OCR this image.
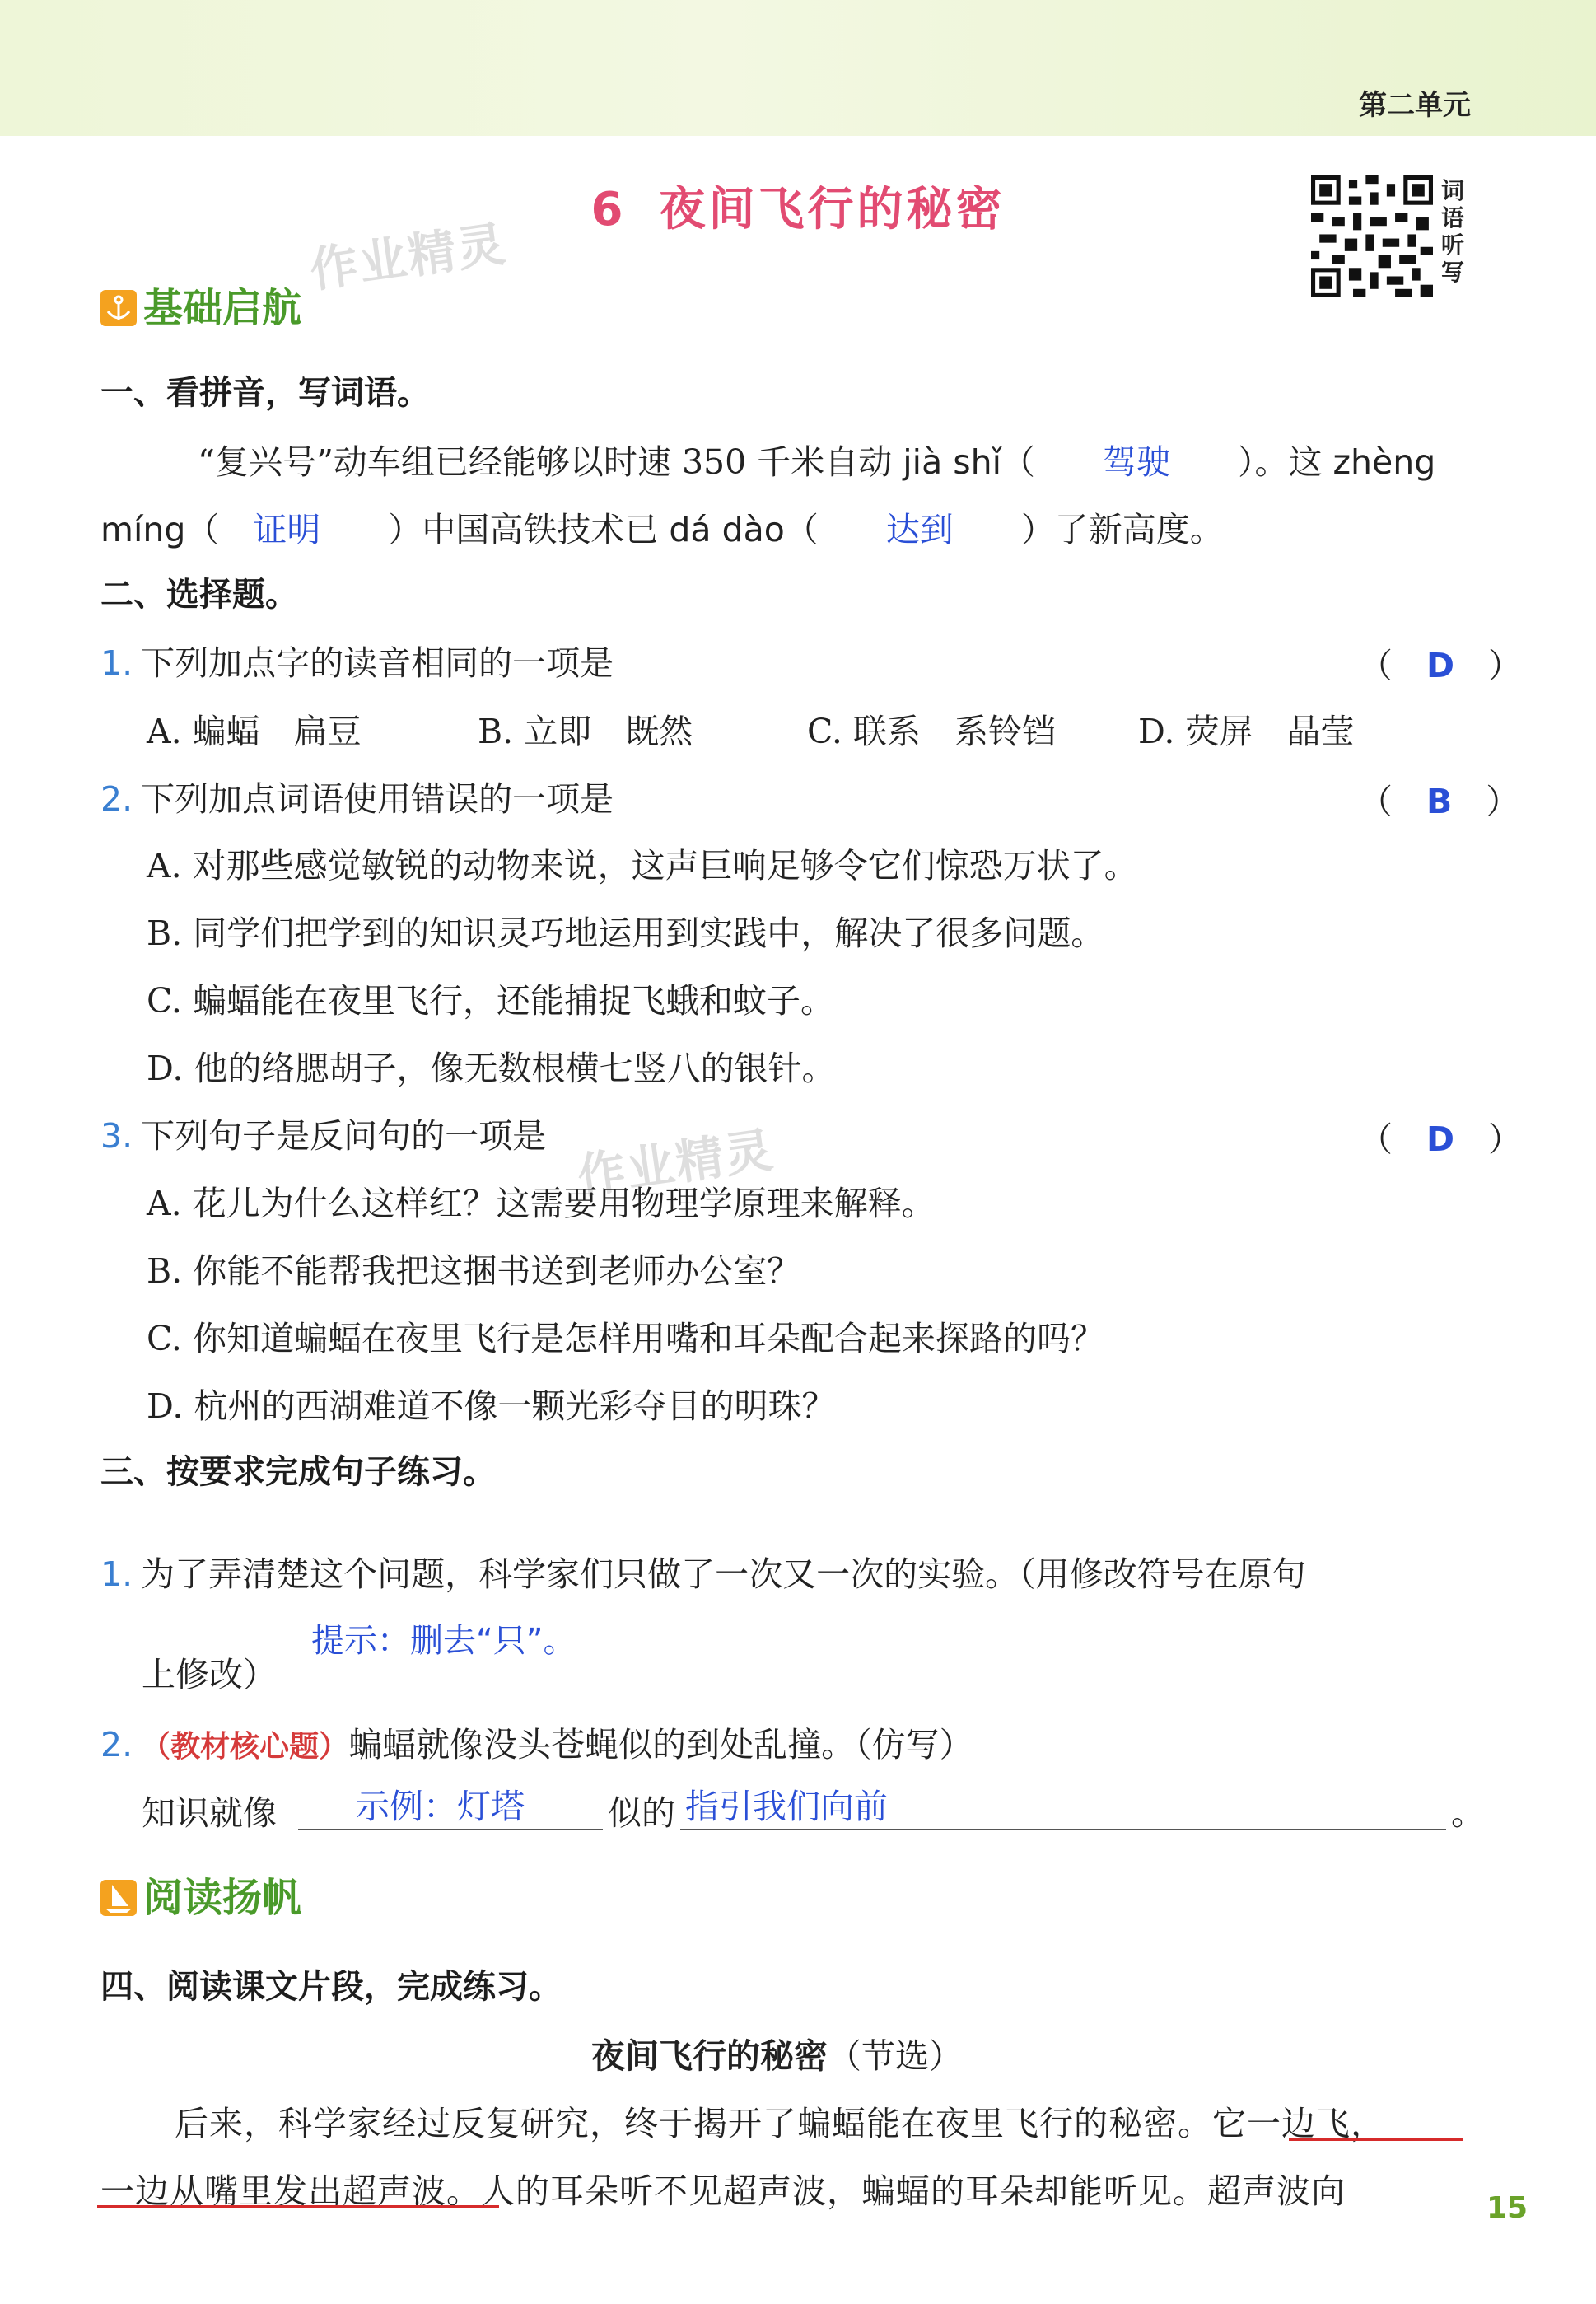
第二单元
6 夜间飞行的秘密	词
语
听
写
作业精灵
作业精灵
基础启航
一、看拼音，写词语。
“复兴号”动车组已经能够以时速 350 千米自动 jià shǐ（　　驾驶　　 ）。这 zhèng
míng（　证明　　 ）中国高铁技术已 dá dào（　　达到　　 ）了新高度。
二、选择题。
1. 下列加点字的读音相同的一项是	（　D　）
A. 蝙蝠　扁豆	B. 立即　既然	C. 联系　系铃铛 D. 荧屏　晶莹
2. 下列加点词语使用错误的一项是	（　B　）
A. 对那些感觉敏锐的动物来说，这声巨响足够令它们惊恐万状了。
B. 同学们把学到的知识灵巧地运用到实践中，解决了很多问题。
C. 蝙蝠能在夜里飞行，还能捕捉飞蛾和蚊子。
D. 他的络腮胡子，像无数根横七竖八的银针。
3. 下列句子是反问句的一项是	（　D　）
A. 花儿为什么这样红？这需要用物理学原理来解释。
B. 你能不能帮我把这捆书送到老师办公室？
C. 你知道蝙蝠在夜里飞行是怎样用嘴和耳朵配合起来探路的吗？
D. 杭州的西湖难道不像一颗光彩夺目的明珠？
三、按要求完成句子练习。
1. 为了弄清楚这个问题，科学家们只做了一次又一次的实验。（用修改符号在原句
提示：删去“只”。
上修改）
2. （教材核心题）蝙蝠就像没头苍蝇似的到处乱撞。（仿写）
知识就像 示例：灯塔 似的 指引我们向前	。
阅读扬帆
四、阅读课文片段，完成练习。
夜间飞行的秘密（节选）
后来，科学家经过反复研究，终于揭开了蝙蝠能在夜里飞行的秘密。它一边飞，
一边从嘴里发出超声波。人的耳朵听不见超声波，蝙蝠的耳朵却能听见。超声波向	15
